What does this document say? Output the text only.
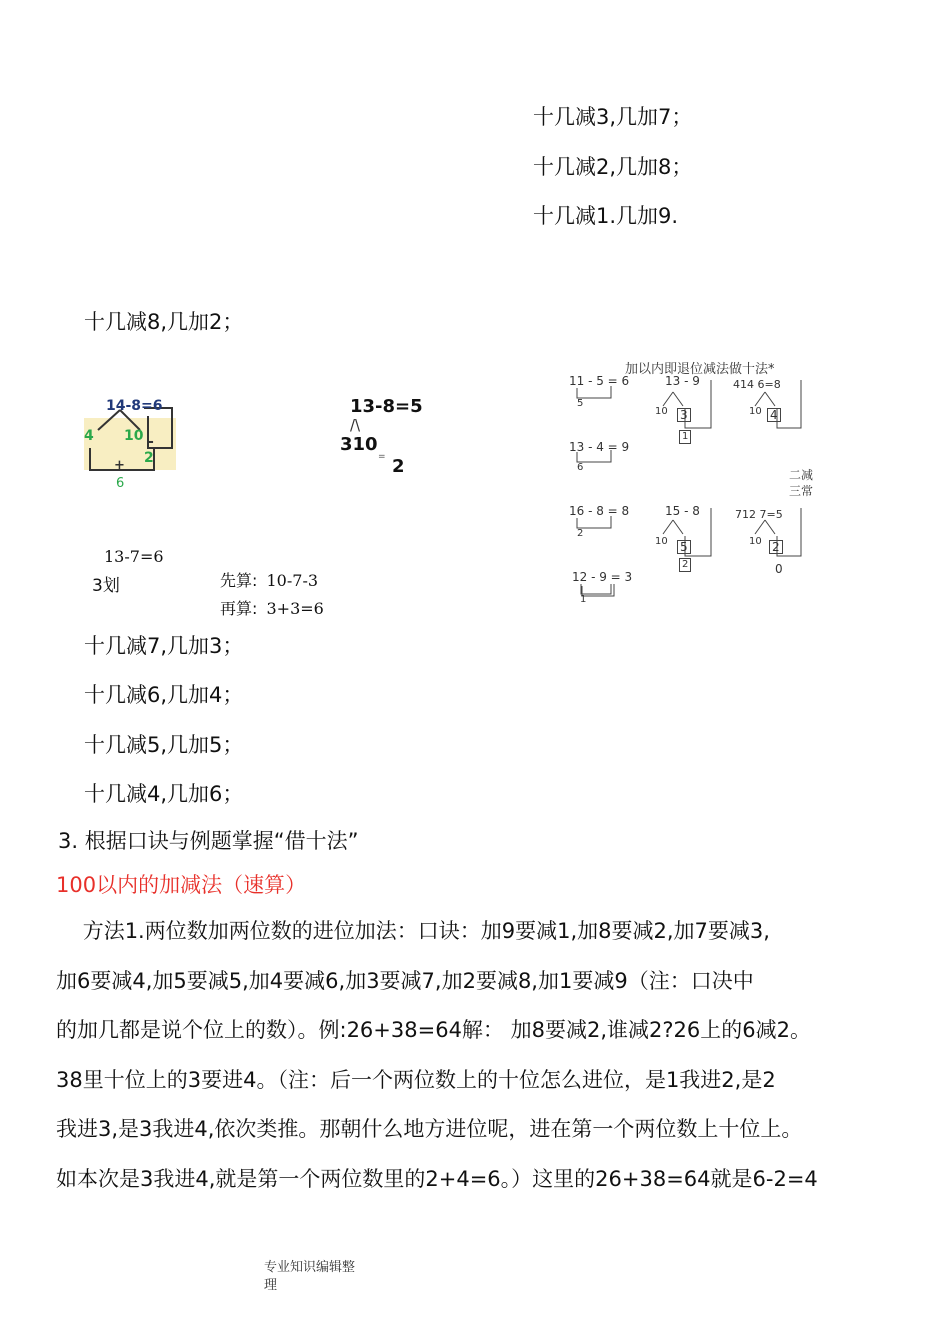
十几减3,几加7；
十几减2,几加8；
十几减1.几加9.
十几减8,几加2；
14-8=6
4 10 -
2
+
6
13-8=5
/\
310
= 2
加以内即退位减法做十法*
11 - 5 = 6
5
13 - 9
10 3
1
414 6=8
10 4
13 - 4 = 9
6
二减
三常
16 - 8 = 8
2
15 - 8
10 5
2
712 7=5
10 2
0
12 - 9 = 3
1
13-7=6
3划	先算: 10-7-3
再算: 3+3=6
十几减7,几加3；
十几减6,几加4；
十几减5,几加5；
十几减4,几加6；
3. 根据口诀与例题掌握“借十法”
100以内的加减法（速算）

方法1.两位数加两位数的进位加法：口诀：加9要减1,加8要减2,加7要减3,

加6要减4,加5要减5,加4要减6,加3要减7,加2要减8,加1要减9（注：口决中

的加几都是说个位上的数）。例:26+38=64解： 加8要减2,谁减2?26上的6减2。

38里十位上的3要进4。（注：后一个两位数上的十位怎么进位，是1我进2,是2

我进3,是3我进4,依次类推。那朝什么地方进位呢，进在第一个两位数上十位上。

如本次是3我进4,就是第一个两位数里的2+4=6。）这里的26+38=64就是6-2=4

专业知识编辑整
理
